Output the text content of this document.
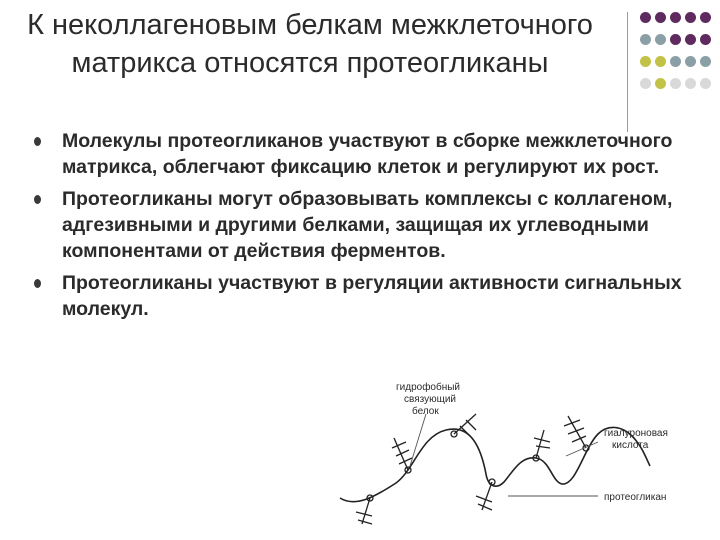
К неколлагеновым белкам межклеточного матрикса относятся протеогликаны
Молекулы протеогликанов участвуют в сборке межклеточного матрикса, облегчают фиксацию клеток и регулируют их рост.
Протеогликаны могут образовывать комплексы с коллагеном, адгезивными и другими белками, защищая их углеводными компонентами от действия ферментов.
Протеогликаны участвуют в регуляции активности сигнальных молекул.
гидрофобный
связующий
белок
гиалуроновая
кислота
протеогликан
